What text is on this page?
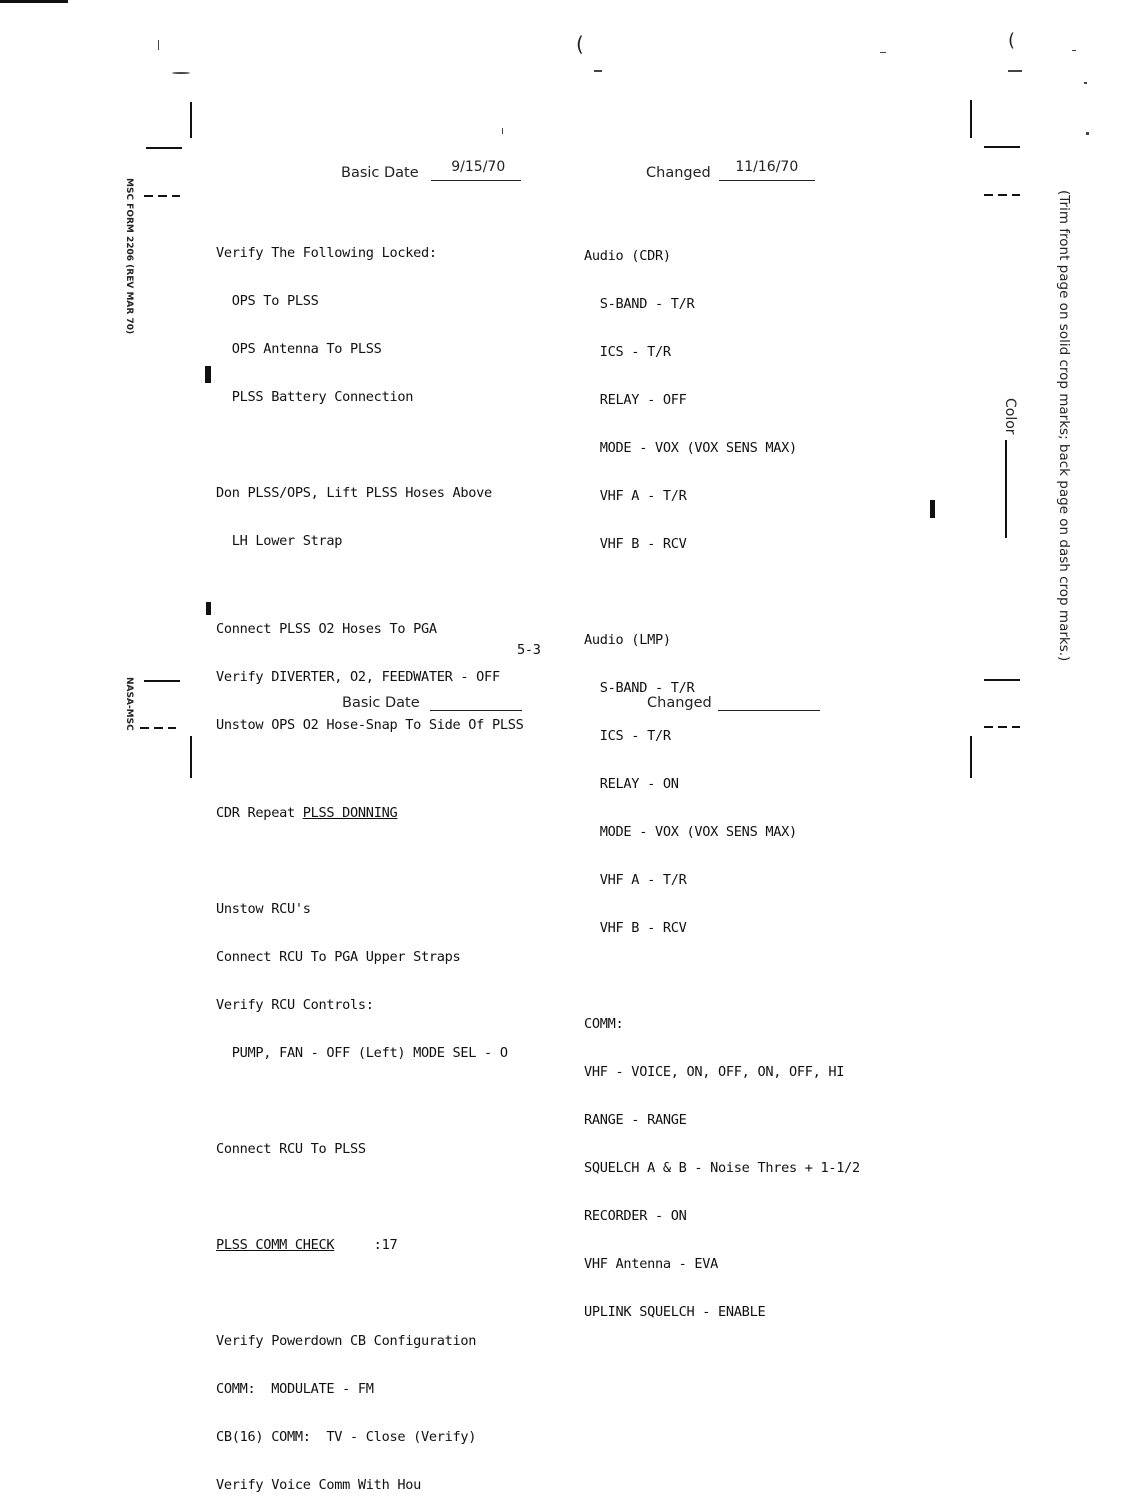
(	(
Basic Date 9/15/70	Changed 11/16/70
MSC FORM 2206 (REV MAR 70)
NASA-MSC
(Trim front page on solid crop marks; back page on dash crop marks.)
Color

Verify The Following Locked:

OPS To PLSS

OPS Antenna To PLSS

PLSS Battery Connection

Don PLSS/OPS, Lift PLSS Hoses Above

LH Lower Strap

Connect PLSS O2 Hoses To PGA

Verify DIVERTER, O2, FEEDWATER - OFF

Unstow OPS O2 Hose-Snap To Side Of PLSS

CDR Repeat PLSS DONNING

Unstow RCU's

Connect RCU To PGA Upper Straps

Verify RCU Controls:

PUMP, FAN - OFF (Left) MODE SEL - O

Connect RCU To PLSS

PLSS COMM CHECK     :17

Verify Powerdown CB Configuration

COMM:  MODULATE - FM

CB(16) COMM:  TV - Close (Verify)

Verify Voice Comm With Hou

Audio (CDR)

S-BAND - T/R

ICS - T/R

RELAY - OFF

MODE - VOX (VOX SENS MAX)

VHF A - T/R

VHF B - RCV

Audio (LMP)

S-BAND - T/R

ICS - T/R

RELAY - ON

MODE - VOX (VOX SENS MAX)

VHF A - T/R

VHF B - RCV

COMM:

VHF - VOICE, ON, OFF, ON, OFF, HI

RANGE - RANGE

SQUELCH A & B - Noise Thres + 1-1/2

RECORDER - ON

VHF Antenna - EVA

UPLINK SQUELCH - ENABLE

5-3
Basic Date	Changed
